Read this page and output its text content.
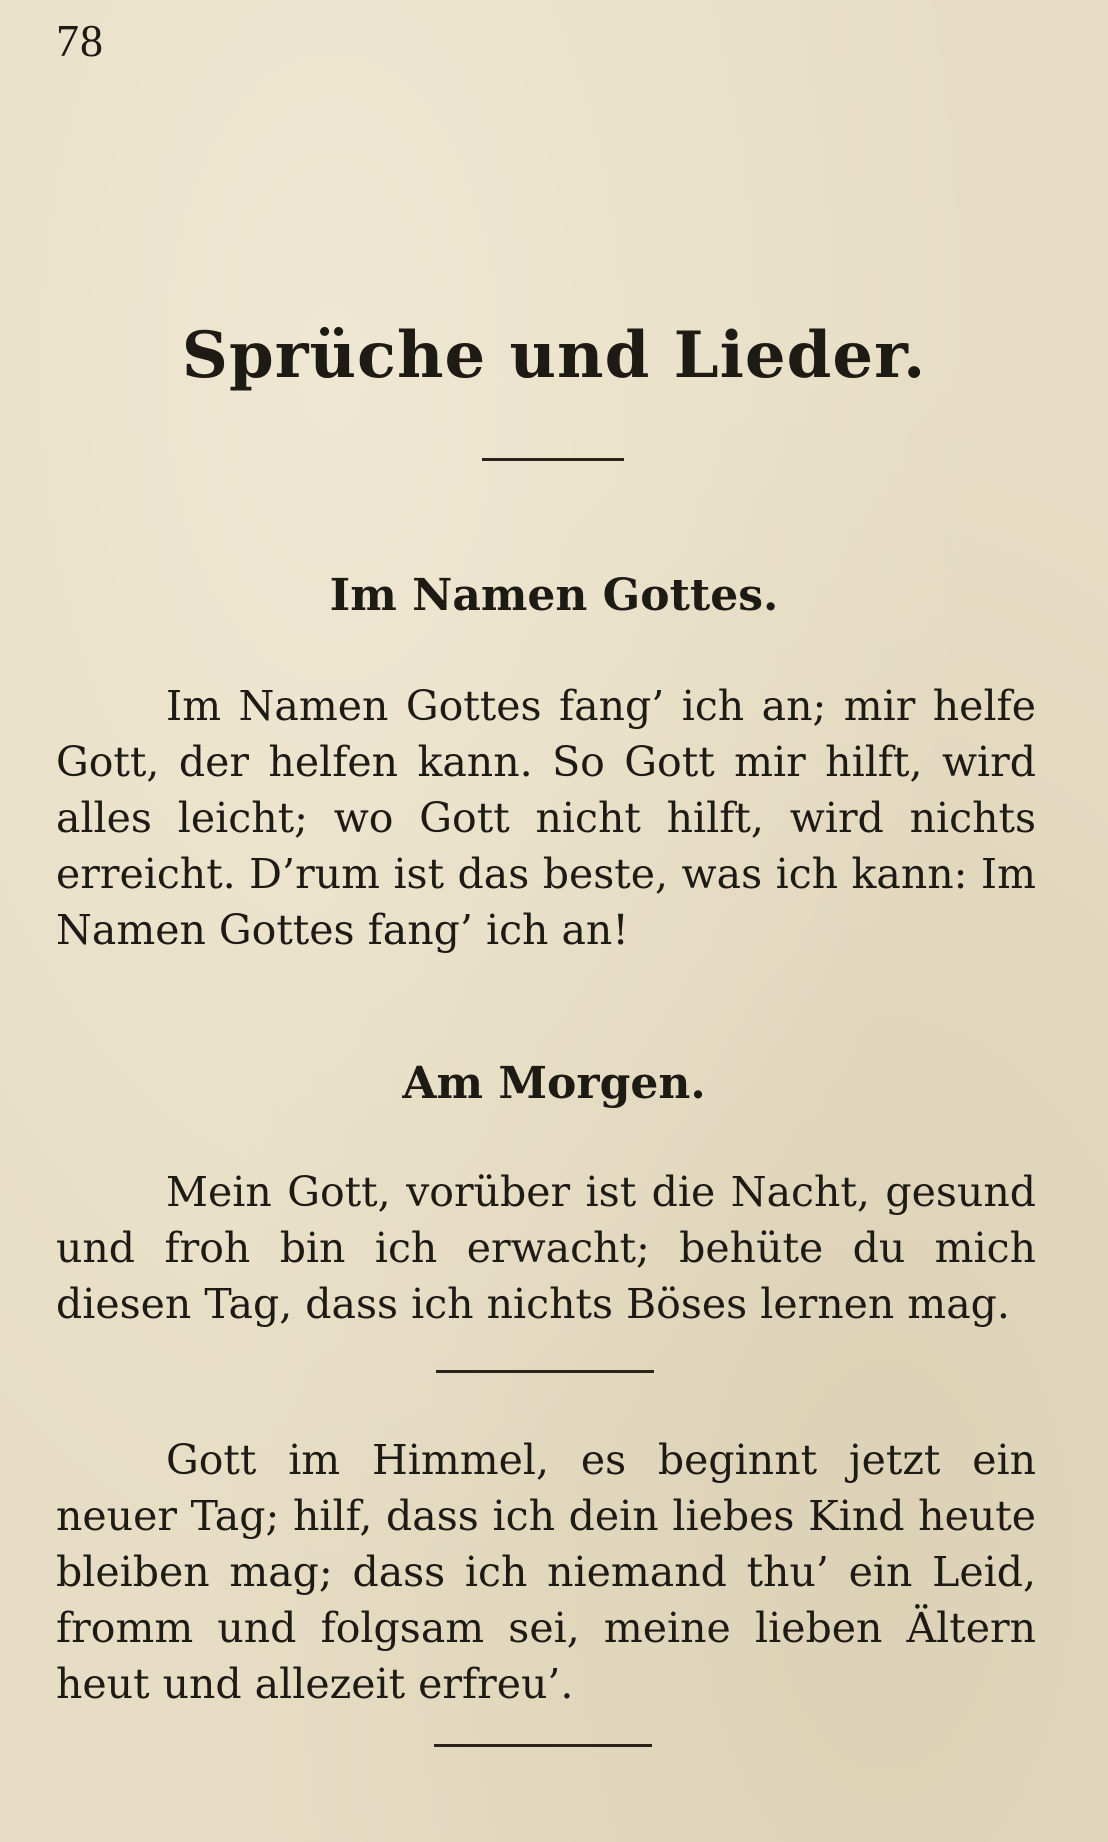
78

Sprüche und Lieder.
Im Namen Gottes.

Im Namen Gottes fang’ ich an; mir helfe Gott, der helfen kann. So Gott mir hilft, wird alles leicht; wo Gott nicht hilft, wird nichts erreicht. D’rum ist das beste, was ich kann: Im Namen Gottes fang’ ich an!

Am Morgen.

Mein Gott, vorüber ist die Nacht, gesund und froh bin ich erwacht; behüte du mich diesen Tag, dass ich nichts Böses lernen mag.

Gott im Himmel, es beginnt jetzt ein neuer Tag; hilf, dass ich dein liebes Kind heute bleiben mag; dass ich niemand thu’ ein Leid, fromm und folgsam sei, meine lieben Ältern heut und allezeit erfreu’.
